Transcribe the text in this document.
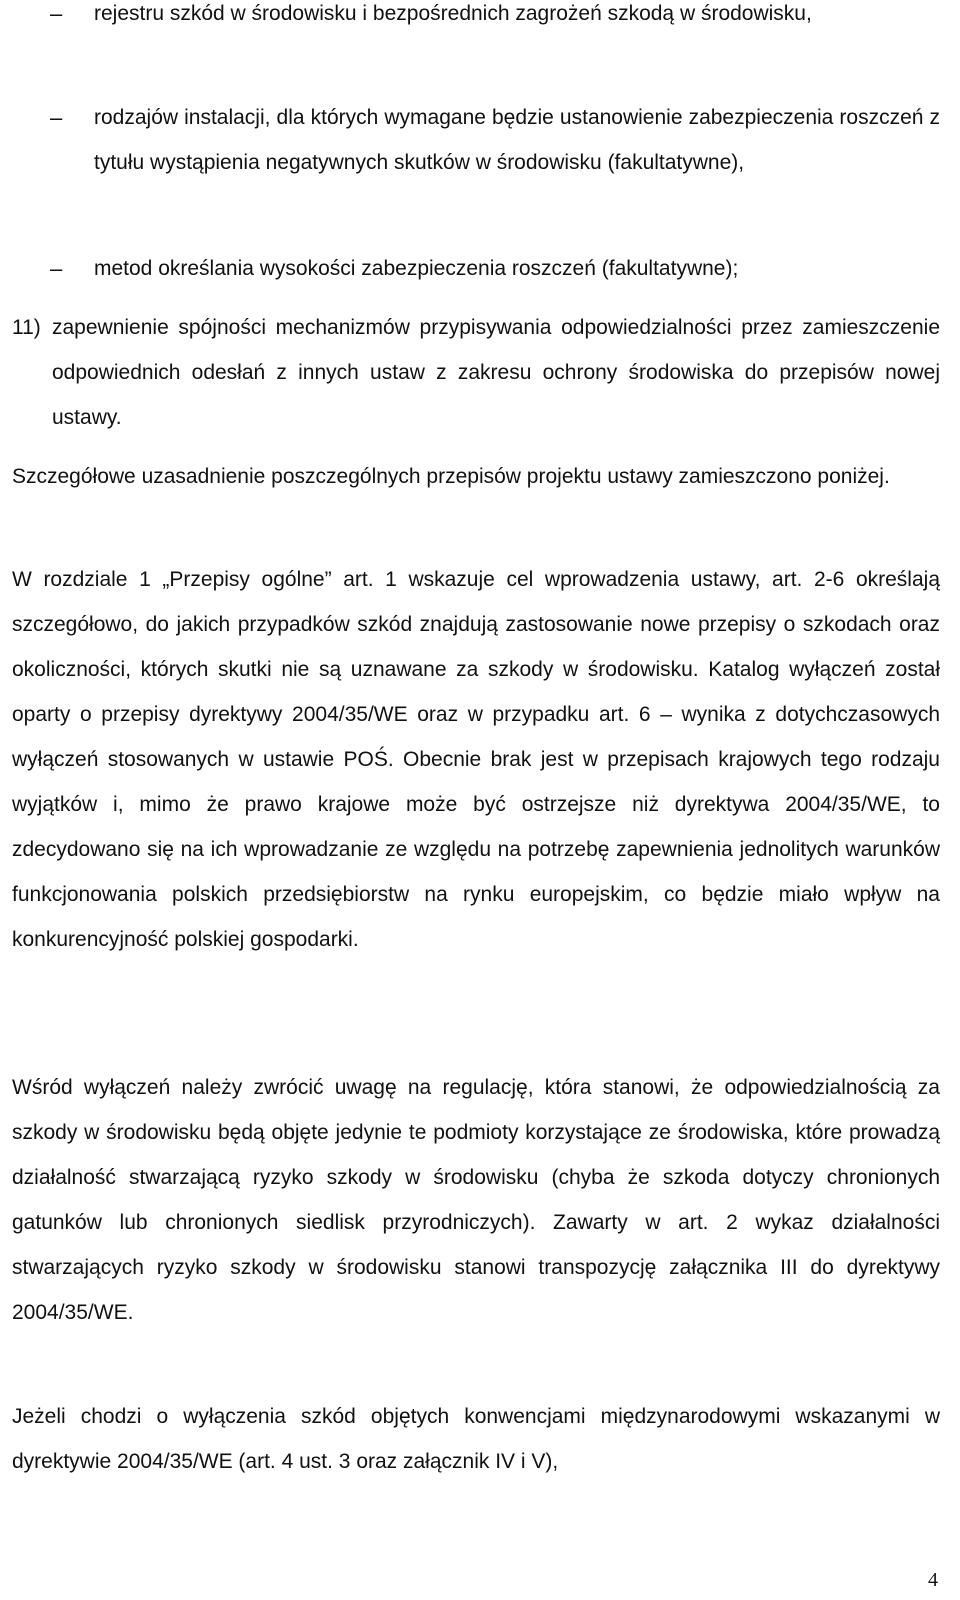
– rejestru szkód w środowisku i bezpośrednich zagrożeń szkodą w środowisku,
– rodzajów instalacji, dla których wymagane będzie ustanowienie zabezpieczenia roszczeń z tytułu wystąpienia negatywnych skutków w środowisku (fakultatywne),
– metod określania wysokości zabezpieczenia roszczeń (fakultatywne);
11) zapewnienie spójności mechanizmów przypisywania odpowiedzialności przez zamieszczenie odpowiednich odesłań z innych ustaw z zakresu ochrony środowiska do przepisów nowej ustawy.

Szczegółowe uzasadnienie poszczególnych przepisów projektu ustawy zamieszczono poniżej.

W rozdziale 1 „Przepisy ogólne” art. 1 wskazuje cel wprowadzenia ustawy, art. 2-6 określają szczegółowo, do jakich przypadków szkód znajdują zastosowanie nowe przepisy o szkodach oraz okoliczności, których skutki nie są uznawane za szkody w środowisku. Katalog wyłączeń został oparty o przepisy dyrektywy 2004/35/WE oraz w przypadku art. 6 – wynika z dotychczasowych wyłączeń stosowanych w ustawie POŚ. Obecnie brak jest w przepisach krajowych tego rodzaju wyjątków i, mimo że prawo krajowe może być ostrzejsze niż dyrektywa 2004/35/WE, to zdecydowano się na ich wprowadzanie ze względu na potrzebę zapewnienia jednolitych warunków funkcjonowania polskich przedsiębiorstw na rynku europejskim, co będzie miało wpływ na konkurencyjność polskiej gospodarki.

Wśród wyłączeń należy zwrócić uwagę na regulację, która stanowi, że odpowiedzialnością za szkody w środowisku będą objęte jedynie te podmioty korzystające ze środowiska, które prowadzą działalność stwarzającą ryzyko szkody w środowisku (chyba że szkoda dotyczy chronionych gatunków lub chronionych siedlisk przyrodniczych). Zawarty w art. 2 wykaz działalności stwarzających ryzyko szkody w środowisku stanowi transpozycję załącznika III do dyrektywy 2004/35/WE.

Jeżeli chodzi o wyłączenia szkód objętych konwencjami międzynarodowymi wskazanymi w dyrektywie 2004/35/WE (art. 4 ust. 3 oraz załącznik IV i V),

4
